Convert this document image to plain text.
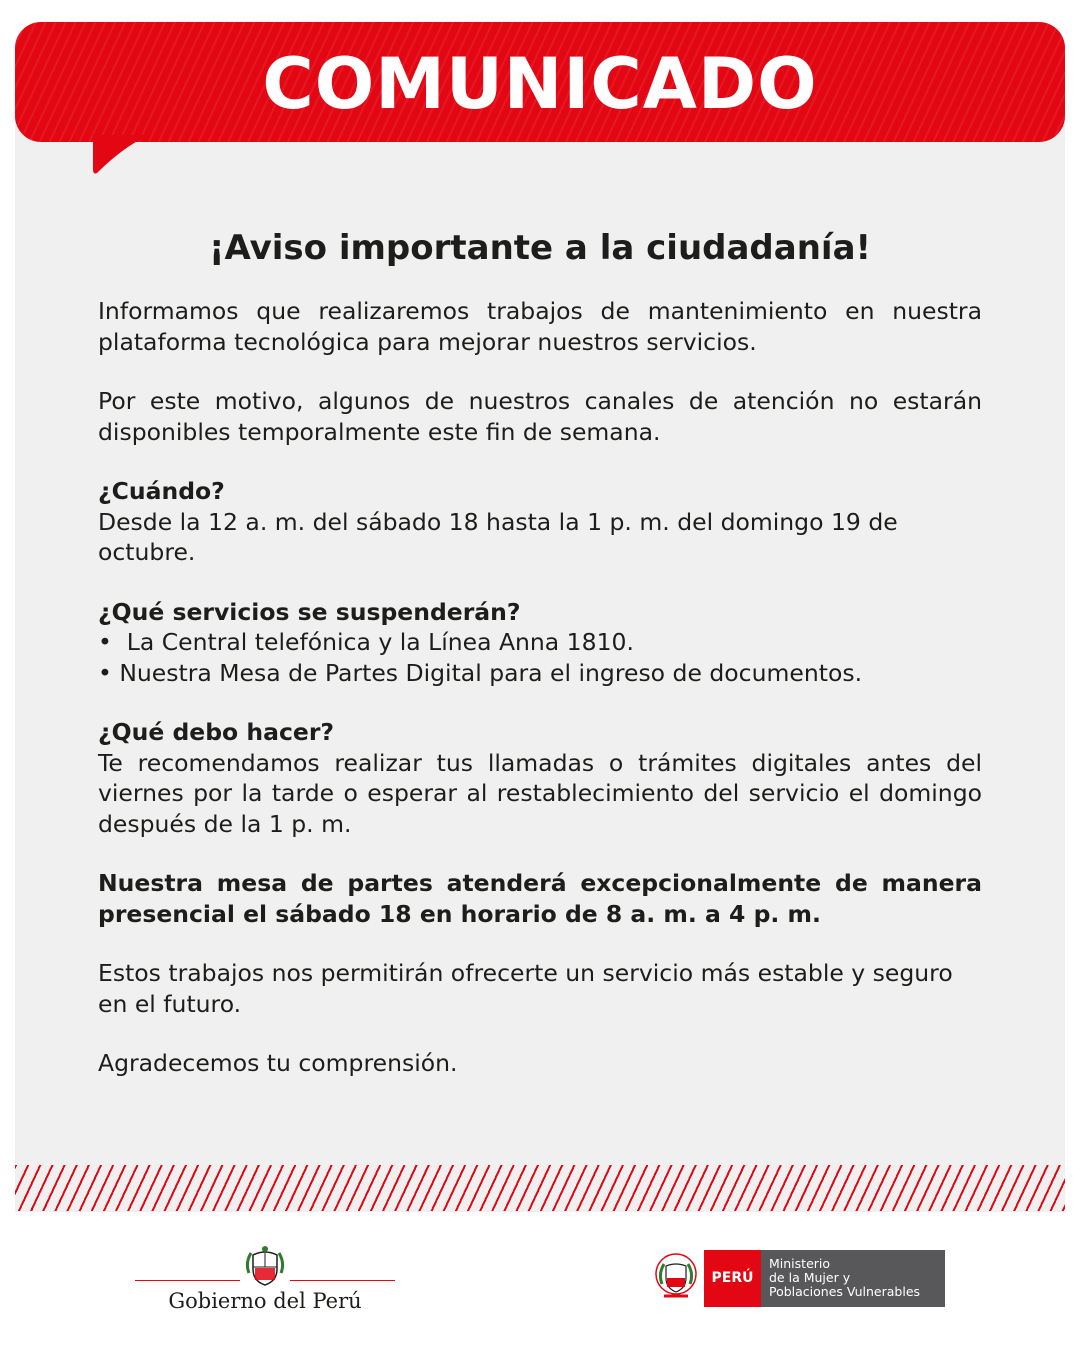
COMUNICADO
¡Aviso importante a la ciudadanía!

Informamos que realizaremos trabajos de mantenimiento en nuestra plataforma tecnológica para mejorar nuestros servicios.

Por este motivo, algunos de nuestros canales de atención no estarán disponibles temporalmente este fin de semana.

¿Cuándo?

Desde la 12 a. m. del sábado 18 hasta la 1 p. m. del domingo 19 de octubre.

¿Qué servicios se suspenderán?

•  La Central telefónica y la Línea Anna 1810.

• Nuestra Mesa de Partes Digital para el ingreso de documentos.

¿Qué debo hacer?

Te recomendamos realizar tus llamadas o trámites digitales antes del viernes por la tarde o esperar al restablecimiento del servicio el domingo después de la 1 p. m.

Nuestra mesa de partes atenderá excepcionalmente de manera presencial el sábado 18 en horario de 8 a. m. a 4 p. m.

Estos trabajos nos permitirán ofrecerte un servicio más estable y seguro en el futuro.

Agradecemos tu comprensión.

Gobierno del Perú
PERÚ
Ministerio
de la Mujer y
Poblaciones Vulnerables
